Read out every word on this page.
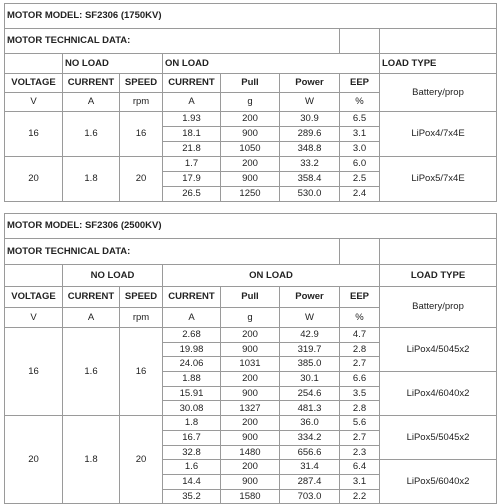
MOTOR MODEL: SF2306 (1750KV)							
MOTOR TECHNICAL DATA:							
	NO LOAD		ON LOAD				LOAD TYPE
VOLTAGE	CURRENT	SPEED	CURRENT	Pull	Power	EEP	Battery/prop
V	A	rpm	A	g	W	%	
16	1.6	16	1.93	200	30.9	6.5	LiPox4/7x4E
			18.1	900	289.6	3.1	
			21.8	1050	348.8	3.0	
20	1.8	20	1.7	200	33.2	6.0	LiPox5/7x4E
			17.9	900	358.4	2.5	
			26.5	1250	530.0	2.4	
MOTOR MODEL: SF2306 (2500KV)							
MOTOR TECHNICAL DATA:							
	NO LOAD		ON LOAD				LOAD TYPE
VOLTAGE	CURRENT	SPEED	CURRENT	Pull	Power	EEP	Battery/prop
V	A	rpm	A	g	W	%	
16	1.6	16	2.68	200	42.9	4.7	LiPox4/5045x2
			19.98	900	319.7	2.8	
			24.06	1031	385.0	2.7	
			1.88	200	30.1	6.6	LiPox4/6040x2
			15.91	900	254.6	3.5	
			30.08	1327	481.3	2.8	
20	1.8	20	1.8	200	36.0	5.6	LiPox5/5045x2
			16.7	900	334.2	2.7	
			32.8	1480	656.6	2.3	
			1.6	200	31.4	6.4	LiPox5/6040x2
			14.4	900	287.4	3.1	
			35.2	1580	703.0	2.2	
